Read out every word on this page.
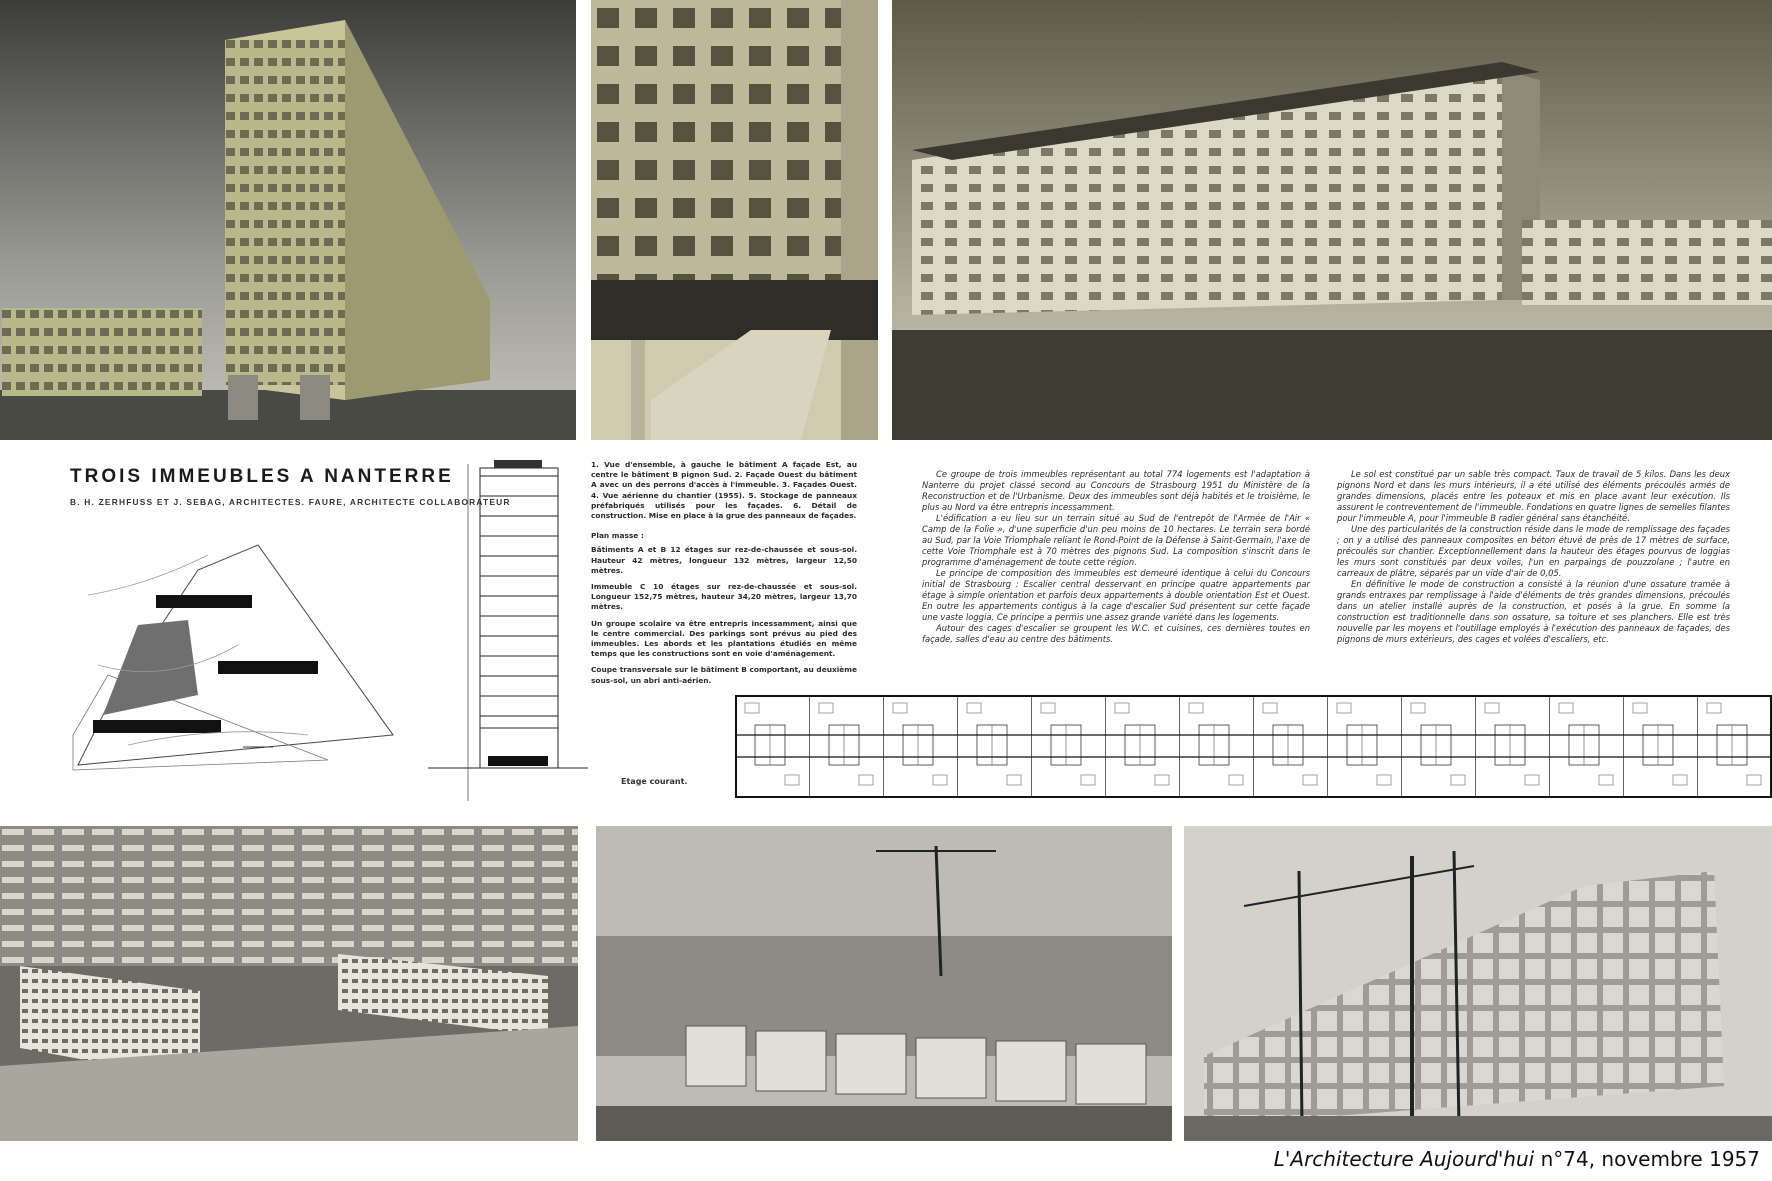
TROIS IMMEUBLES A NANTERRE
B. H. ZERHFUSS ET J. SEBAG, ARCHITECTES. FAURE, ARCHITECTE COLLABORATEUR
Etage courant.

1. Vue d'ensemble, à gauche le bâtiment A façade Est, au centre le bâtiment B pignon Sud. 2. Façade Ouest du bâtiment A avec un des perrons d'accès à l'immeuble. 3. Façades Ouest. 4. Vue aérienne du chantier (1955). 5. Stockage de panneaux préfabriqués utilisés pour les façades. 6. Détail de construction. Mise en place à la grue des panneaux de façades.

Plan masse :

Bâtiments A et B 12 étages sur rez-de-chaussée et sous-sol. Hauteur 42 mètres, longueur 132 mètres, largeur 12,50 mètres.

Immeuble C 10 étages sur rez-de-chaussée et sous-sol. Longueur 152,75 mètres, hauteur 34,20 mètres, largeur 13,70 mètres.

Un groupe scolaire va être entrepris incessamment, ainsi que le centre commercial. Des parkings sont prévus au pied des immeubles. Les abords et les plantations étudiés en même temps que les constructions sont en voie d'aménagement.

Coupe transversale sur le bâtiment B comportant, au deuxième sous-sol, un abri anti-aérien.

Ce groupe de trois immeubles représentant au total 774 logements est l'adaptation à Nanterre du projet classé second au Concours de Strasbourg 1951 du Ministère de la Reconstruction et de l'Urbanisme. Deux des immeubles sont déjà habités et le troisième, le plus au Nord va être entrepris incessamment.

L'édification a eu lieu sur un terrain situé au Sud de l'entrepôt de l'Armée de l'Air « Camp de la Folie », d'une superficie d'un peu moins de 10 hectares. Le terrain sera bordé au Sud, par la Voie Triomphale reliant le Rond-Point de la Défense à Saint-Germain, l'axe de cette Voie Triomphale est à 70 mètres des pignons Sud. La composition s'inscrit dans le programme d'aménagement de toute cette région.

Le principe de composition des immeubles est demeuré identique à celui du Concours initial de Strasbourg : Escalier central desservant en principe quatre appartements par étage à simple orientation et parfois deux appartements à double orientation Est et Ouest. En outre les appartements contigus à la cage d'escalier Sud présentent sur cette façade une vaste loggia. Ce principe a permis une assez grande variété dans les logements.

Autour des cages d'escalier se groupent les W.C. et cuisines, ces dernières toutes en façade, salles d'eau au centre des bâtiments.

Le sol est constitué par un sable très compact. Taux de travail de 5 kilos. Dans les deux pignons Nord et dans les murs intérieurs, il a été utilisé des éléments précoulés armés de grandes dimensions, placés entre les poteaux et mis en place avant leur exécution. Ils assurent le contreventement de l'immeuble. Fondations en quatre lignes de semelles filantes pour l'immeuble A, pour l'immeuble B radier général sans étanchéité.

Une des particularités de la construction réside dans le mode de remplissage des façades ; on y a utilisé des panneaux composites en béton étuvé de près de 17 mètres de surface, précoulés sur chantier. Exceptionnellement dans la hauteur des étages pourvus de loggias les murs sont constitués par deux voiles, l'un en parpaings de pouzzolane ; l'autre en carreaux de plâtre, séparés par un vide d'air de 0,05.

En définitive le mode de construction a consisté à la réunion d'une ossature tramée à grands entraxes par remplissage à l'aide d'éléments de très grandes dimensions, précoulés dans un atelier installé auprès de la construction, et posés à la grue. En somme la construction est traditionnelle dans son ossature, sa toiture et ses planchers. Elle est très nouvelle par les moyens et l'outillage employés à l'exécution des panneaux de façades, des pignons de murs extérieurs, des cages et volées d'escaliers, etc.

L'Architecture Aujourd'hui n°74, novembre 1957
